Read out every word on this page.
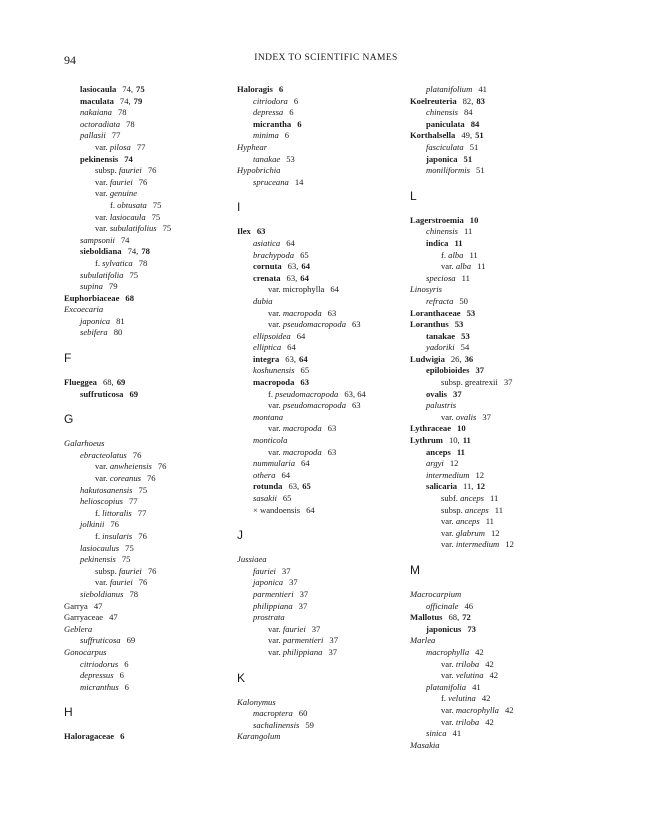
94	INDEX TO SCIENTIFIC NAMES
lasiocaula 74, 75
maculata 74, 79
nakaiana 78
octoradiata 78
pallasii 77
var. pilosa 77
pekinensis 74
subsp. fauriei 76
var. fauriei 76
var. genuine
f. obtusata 75
var. lasiocaula 75
var. subulatifolius 75
sampsonii 74
sieboldiana 74, 78
f. sylvatica 78
subulatifolia 75
supina 79
Euphorbiaceae 68
Excoecaria
japonica 81
sebifera 80
F
Flueggea 68, 69
suffruticosa 69
G
Galarhoeus
ebracteolatus 76
var. anwheiensis 76
var. coreanus 76
hakutosanensis 75
helioscopius 77
f. littoralis 77
jolkinii 76
f. insularis 76
lasiocaulus 75
pekinensis 75
subsp. fauriei 76
var. fauriei 76
sieboldianus 78
Garrya 47
Garryaceae 47
Geblera
suffruticosa 69
Gonocarpus
citriodorus 6
depressus 6
micranthus 6
H
Haloragaceae 6
Haloragis 6
citriodora 6
depressa 6
micrantha 6
minima 6
Hyphear
tanakae 53
Hypobrichia
spruceana 14
I
Ilex 63
asiatica 64
brachypoda 65
cornuta 63, 64
crenata 63, 64
var. microphylla 64
dubia
var. macropoda 63
var. pseudomacropoda 63
ellipsoidea 64
elliptica 64
integra 63, 64
koshunensis 65
macropoda 63
f. pseudomacropoda 63, 64
var. pseudomacropoda 63
montana
var. macropoda 63
monticola
var. macropoda 63
nummularia 64
othera 64
rotunda 63, 65
sasakii 65
× wandoensis 64
J
Jussiaea
fauriei 37
japonica 37
parmentieri 37
philippiana 37
prostrata
var. fauriei 37
var. parmentieri 37
var. philippiana 37
K
Kalonymus
macroptera 60
sachalinensis 59
Karangolum
platanifolium 41
Koelreuteria 82, 83
chinensis 84
paniculata 84
Korthalsella 49, 51
fasciculata 51
japonica 51
moniliformis 51
L
Lagerstroemia 10
chinensis 11
indica 11
f. alba 11
var. alba 11
speciosa 11
Linosyris
refracta 50
Loranthaceae 53
Loranthus 53
tanakae 53
yadoriki 54
Ludwigia 26, 36
epilobioides 37
subsp. greatrexii 37
ovalis 37
palustris
var. ovalis 37
Lythraceae 10
Lythrum 10, 11
anceps 11
argyi 12
intermedium 12
salicaria 11, 12
subf. anceps 11
subsp. anceps 11
var. anceps 11
var. glabrum 12
var. intermedium 12
M
Macrocarpium
officinale 46
Mallotus 68, 72
japonicus 73
Marlea
macrophylla 42
var. triloba 42
var. velutina 42
platanifolia 41
f. velutina 42
var. macrophylla 42
var. triloba 42
sinica 41
Masakia
